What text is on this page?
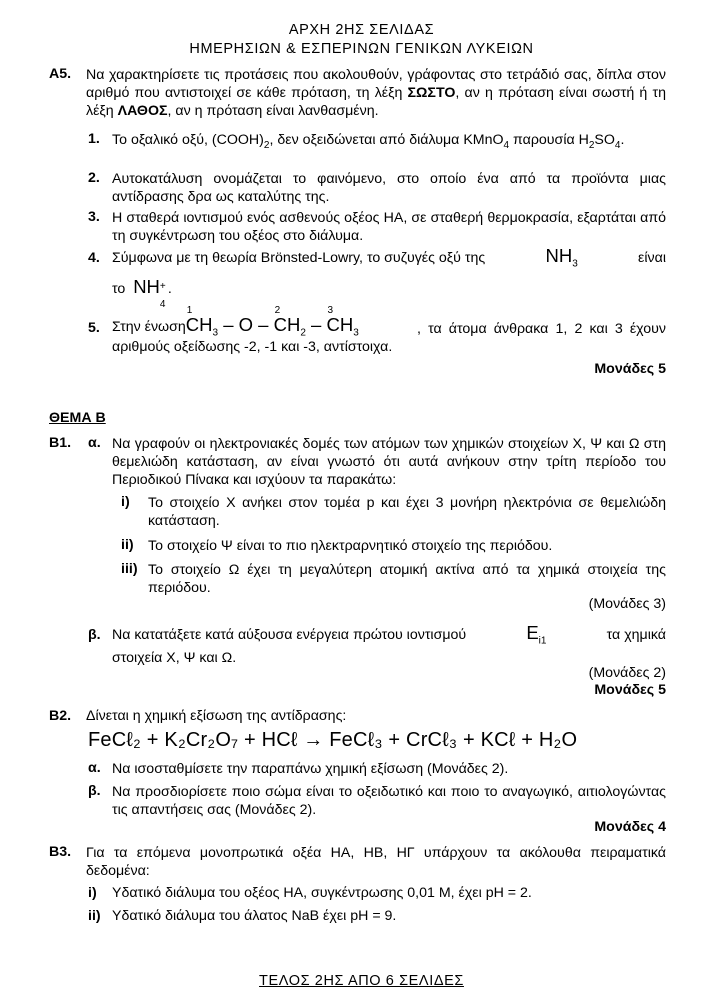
ΑΡΧΗ 2ΗΣ ΣΕΛΙΔΑΣ
ΗΜΕΡΗΣΙΩΝ & ΕΣΠΕΡΙΝΩΝ ΓΕΝΙΚΩΝ ΛΥΚΕΙΩΝ
Α5. Να χαρακτηρίσετε τις προτάσεις που ακολουθούν, γράφοντας στο τετράδιό σας, δίπλα στον αριθμό που αντιστοιχεί σε κάθε πρόταση, τη λέξη ΣΩΣΤΟ, αν η πρόταση είναι σωστή ή τη λέξη ΛΑΘΟΣ, αν η πρόταση είναι λανθασμένη.
1. Το οξαλικό οξύ, $(COOH)_2$, δεν οξειδώνεται από διάλυμα KMnO$_4$ παρουσία $H_2SO_4$.
2. Αυτοκατάλυση ονομάζεται το φαινόμενο, στο οποίο ένα από τα προϊόντα μιας αντίδρασης δρα ως καταλύτης της.
3. Η σταθερά ιοντισμού ενός ασθενούς οξέος ΗΑ, σε σταθερή θερμοκρασία, εξαρτάται από τη συγκέντρωση του οξέος στο διάλυμα.
4. Σύμφωνα με τη θεωρία Brönsted-Lowry, το συζυγές οξύ της	$NH_3$	είναι
το NH +
4
.
5. Στην ένωση
1
$CH_3$ – O –
2
$CH_2$ –
3
$CH_3$	, τα άτομα άνθρακα 1, 2 και 3 έχουν αριθμούς οξείδωσης -2, -1 και -3, αντίστοιχα.
Μονάδες 5
ΘΕΜΑ Β
Β1. α. Να γραφούν οι ηλεκτρονιακές δομές των ατόμων των χημικών στοιχείων Χ, Ψ και Ω στη θεμελιώδη κατάσταση, αν είναι γνωστό ότι αυτά ανήκουν στην τρίτη περίοδο του Περιοδικού Πίνακα και ισχύουν τα παρακάτω:
i) Το στοιχείο Χ ανήκει στον τομέα p και έχει 3 μονήρη ηλεκτρόνια σε θεμελιώδη κατάσταση.
ii) Το στοιχείο Ψ είναι το πιο ηλεκτραρνητικό στοιχείο της περιόδου.
iii) Το στοιχείο Ω έχει τη μεγαλύτερη ατομική ακτίνα από τα χημικά στοιχεία της περιόδου.
(Μονάδες 3)
β. Να κατατάξετε κατά αύξουσα ενέργεια πρώτου ιοντισμού	$E_{i1}$	τα χημικά
στοιχεία Χ, Ψ και Ω.
(Μονάδες 2)
Μονάδες 5
Β2. Δίνεται η χημική εξίσωση της αντίδρασης:
FeCℓ₂ + K₂Cr₂O₇ + HCℓ → FeCℓ₃ + CrCℓ₃ + KCℓ + H₂O
α. Να ισοσταθμίσετε την παραπάνω χημική εξίσωση (Μονάδες 2).
β. Να προσδιορίσετε ποιο σώμα είναι το οξειδωτικό και ποιο το αναγωγικό, αιτιολογώντας τις απαντήσεις σας (Μονάδες 2).
Μονάδες 4
Β3. Για τα επόμενα μονοπρωτικά οξέα ΗΑ, ΗΒ, ΗΓ υπάρχουν τα ακόλουθα πειραματικά δεδομένα:
i) Υδατικό διάλυμα του οξέος ΗΑ, συγκέντρωσης 0,01 M, έχει pH = 2.
ii) Υδατικό διάλυμα του άλατος NaB έχει pH = 9.
ΤΕΛΟΣ 2ΗΣ ΑΠΟ 6 ΣΕΛΙΔΕΣ
